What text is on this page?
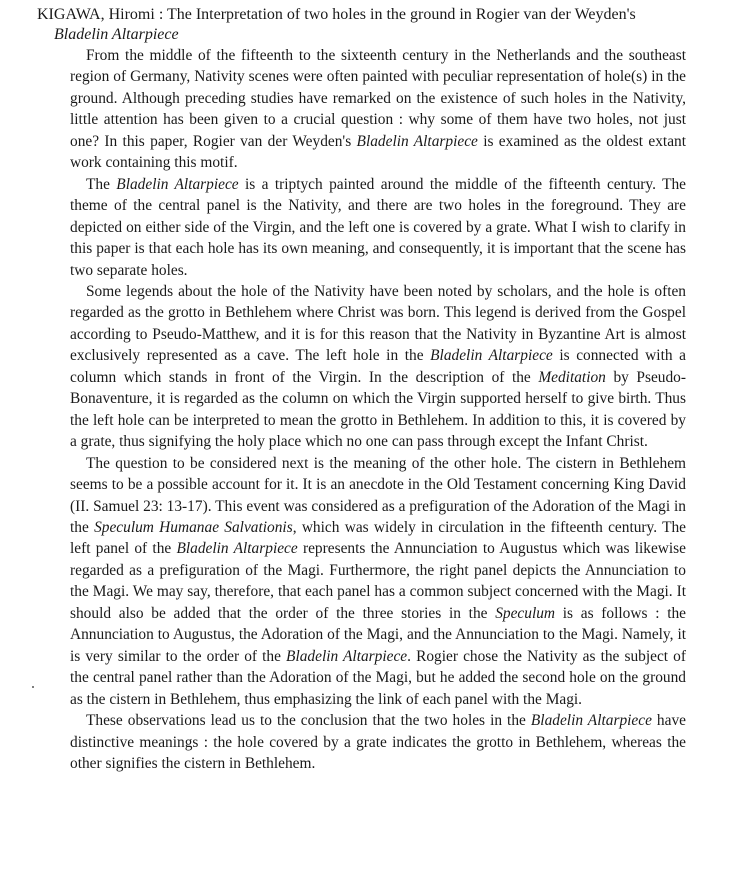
KIGAWA, Hiromi : The Interpretation of two holes in the ground in Rogier van der Weyden's
Bladelin Altarpiece

From the middle of the fifteenth to the sixteenth century in the Netherlands and the southeast region of Germany, Nativity scenes were often painted with peculiar representation of hole(s) in the ground. Although preceding studies have remarked on the existence of such holes in the Nativity, little attention has been given to a crucial question : why some of them have two holes, not just one? In this paper, Rogier van der Weyden's Bladelin Altarpiece is examined as the oldest extant work containing this motif.

The Bladelin Altarpiece is a triptych painted around the middle of the fifteenth century. The theme of the central panel is the Nativity, and there are two holes in the foreground. They are depicted on either side of the Virgin, and the left one is covered by a grate. What I wish to clarify in this paper is that each hole has its own meaning, and consequently, it is important that the scene has two separate holes.

Some legends about the hole of the Nativity have been noted by scholars, and the hole is often regarded as the grotto in Bethlehem where Christ was born. This legend is derived from the Gospel according to Pseudo-Matthew, and it is for this reason that the Nativity in Byzantine Art is almost exclusively represented as a cave. The left hole in the Bladelin Altarpiece is connected with a column which stands in front of the Virgin. In the description of the Meditation by Pseudo-Bonaventure, it is regarded as the column on which the Virgin supported herself to give birth. Thus the left hole can be interpreted to mean the grotto in Bethlehem. In addition to this, it is covered by a grate, thus signifying the holy place which no one can pass through except the Infant Christ.

The question to be considered next is the meaning of the other hole. The cistern in Bethlehem seems to be a possible account for it. It is an anecdote in the Old Testament concerning King David (II. Samuel 23: 13-17). This event was considered as a prefiguration of the Adoration of the Magi in the Speculum Humanae Salvationis, which was widely in circulation in the fifteenth century. The left panel of the Bladelin Altarpiece represents the Annunciation to Augustus which was likewise regarded as a prefiguration of the Magi. Furthermore, the right panel depicts the Annunciation to the Magi. We may say, therefore, that each panel has a common subject concerned with the Magi. It should also be added that the order of the three stories in the Speculum is as follows : the Annunciation to Augustus, the Adoration of the Magi, and the Annunciation to the Magi. Namely, it is very similar to the order of the Bladelin Altarpiece. Rogier chose the Nativity as the subject of the central panel rather than the Adoration of the Magi, but he added the second hole on the ground as the cistern in Bethlehem, thus emphasizing the link of each panel with the Magi.

These observations lead us to the conclusion that the two holes in the Bladelin Altarpiece have distinctive meanings : the hole covered by a grate indicates the grotto in Bethlehem, whereas the other signifies the cistern in Bethlehem.
